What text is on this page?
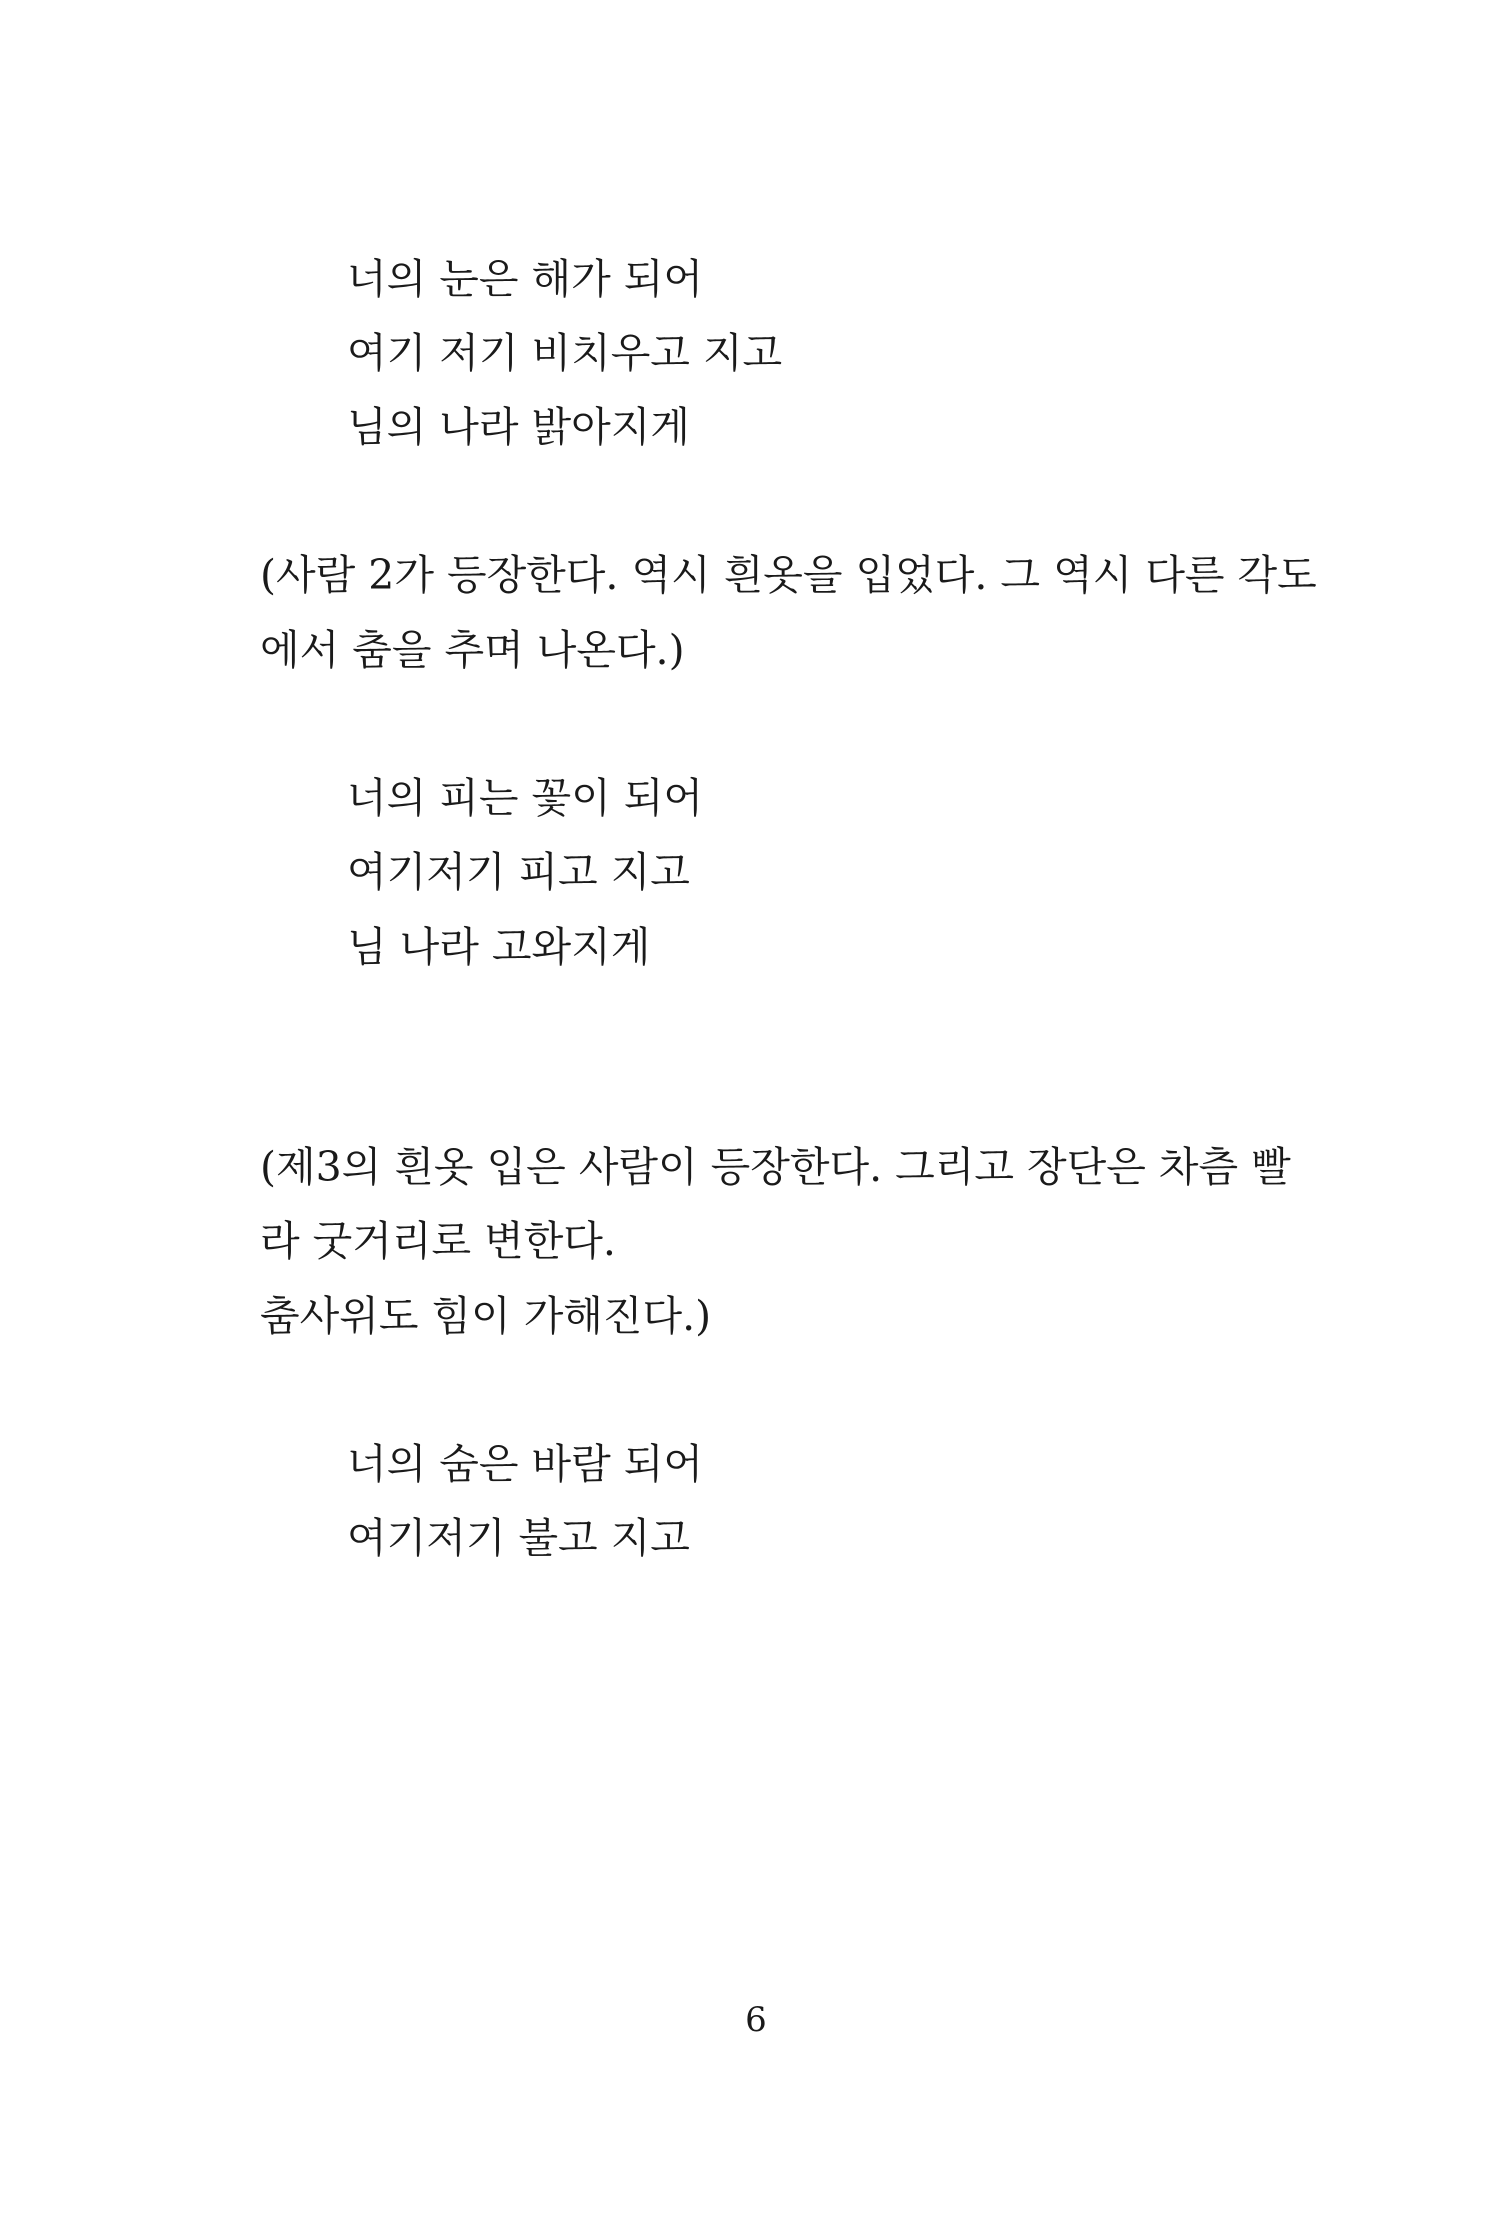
너의 눈은 해가 되어
여기 저기 비치우고 지고
님의 나라 밝아지게
(사람 2가 등장한다. 역시 흰옷을 입었다. 그 역시 다른 각도
에서 춤을 추며 나온다.)
너의 피는 꽃이 되어
여기저기 피고 지고
님 나라 고와지게
(제3의 흰옷 입은 사람이 등장한다. 그리고 장단은 차츰 빨
라 굿거리로 변한다.
춤사위도 힘이 가해진다.)
너의 숨은 바람 되어
여기저기 불고 지고
6
